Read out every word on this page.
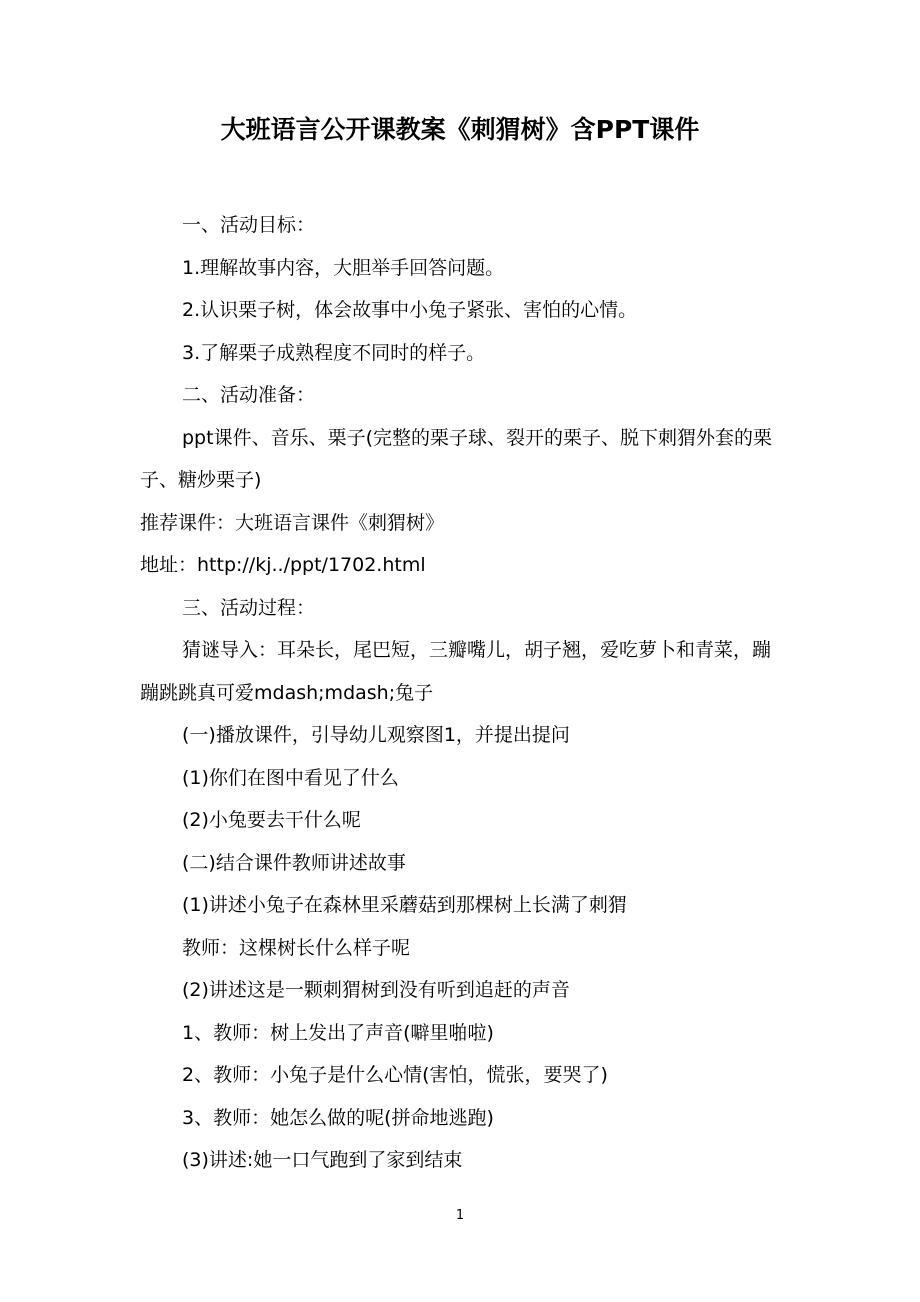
大班语言公开课教案《刺猬树》含PPT课件

一、活动目标：

1.理解故事内容，大胆举手回答问题。

2.认识栗子树，体会故事中小兔子紧张、害怕的心情。

3.了解栗子成熟程度不同时的样子。

二、活动准备：

ppt课件、音乐、栗子(完整的栗子球、裂开的栗子、脱下刺猬外套的栗子、糖炒栗子)

推荐课件：大班语言课件《刺猬树》

地址：http://kj../ppt/1702.html

三、活动过程：

猜谜导入：耳朵长，尾巴短，三瓣嘴儿，胡子翘，爱吃萝卜和青菜，蹦蹦跳跳真可爱mdash;mdash;兔子

(一)播放课件，引导幼儿观察图1，并提出提问

(1)你们在图中看见了什么

(2)小兔要去干什么呢

(二)结合课件教师讲述故事

(1)讲述小兔子在森林里采蘑菇到那棵树上长满了刺猬

教师：这棵树长什么样子呢

(2)讲述这是一颗刺猬树到没有听到追赶的声音

1、教师：树上发出了声音(噼里啪啦)

2、教师：小兔子是什么心情(害怕，慌张，要哭了)

3、教师：她怎么做的呢(拼命地逃跑)

(3)讲述:她一口气跑到了家到结束

1
